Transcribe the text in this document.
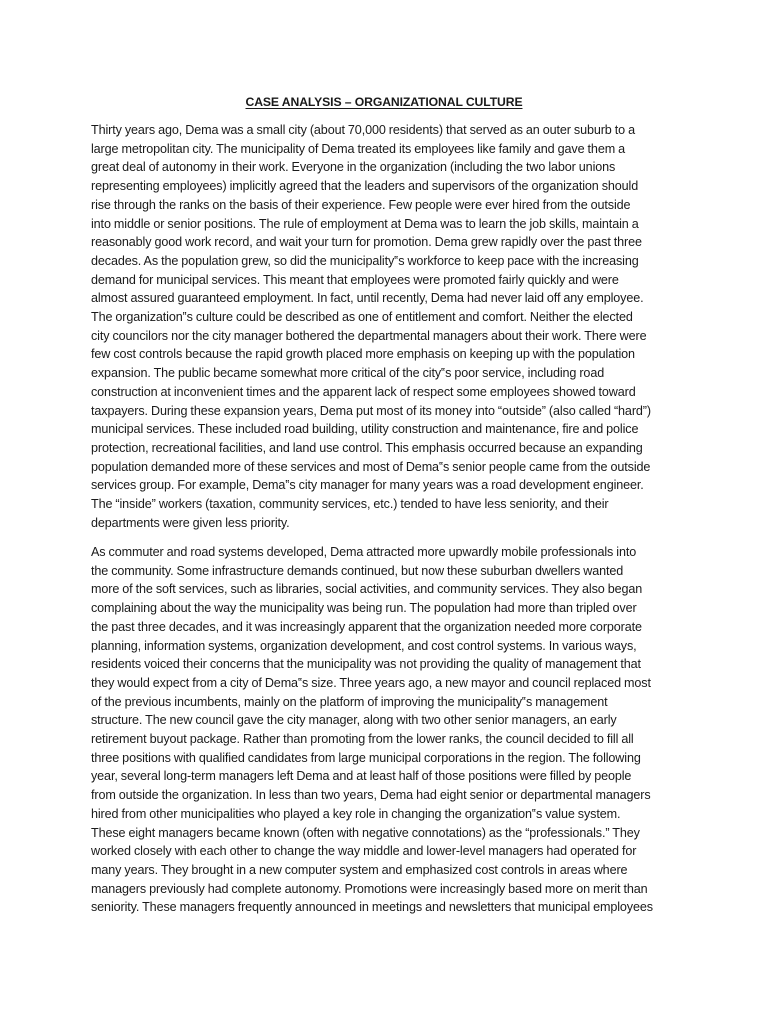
CASE ANALYSIS – ORGANIZATIONAL CULTURE

Thirty years ago, Dema was a small city (about 70,000 residents) that served as an outer suburb to a
large metropolitan city. The municipality of Dema treated its employees like family and gave them a
great deal of autonomy in their work. Everyone in the organization (including the two labor unions
representing employees) implicitly agreed that the leaders and supervisors of the organization should
rise through the ranks on the basis of their experience. Few people were ever hired from the outside
into middle or senior positions. The rule of employment at Dema was to learn the job skills, maintain a
reasonably good work record, and wait your turn for promotion. Dema grew rapidly over the past three
decades. As the population grew, so did the municipality‟s workforce to keep pace with the increasing
demand for municipal services. This meant that employees were promoted fairly quickly and were
almost assured guaranteed employment. In fact, until recently, Dema had never laid off any employee.
The organization‟s culture could be described as one of entitlement and comfort. Neither the elected
city councilors nor the city manager bothered the departmental managers about their work. There were
few cost controls because the rapid growth placed more emphasis on keeping up with the population
expansion. The public became somewhat more critical of the city‟s poor service, including road
construction at inconvenient times and the apparent lack of respect some employees showed toward
taxpayers. During these expansion years, Dema put most of its money into “outside” (also called “hard”)
municipal services. These included road building, utility construction and maintenance, fire and police
protection, recreational facilities, and land use control. This emphasis occurred because an expanding
population demanded more of these services and most of Dema‟s senior people came from the outside
services group. For example, Dema‟s city manager for many years was a road development engineer.
The “inside” workers (taxation, community services, etc.) tended to have less seniority, and their
departments were given less priority.

As commuter and road systems developed, Dema attracted more upwardly mobile professionals into
the community. Some infrastructure demands continued, but now these suburban dwellers wanted
more of the soft services, such as libraries, social activities, and community services. They also began
complaining about the way the municipality was being run. The population had more than tripled over
the past three decades, and it was increasingly apparent that the organization needed more corporate
planning, information systems, organization development, and cost control systems. In various ways,
residents voiced their concerns that the municipality was not providing the quality of management that
they would expect from a city of Dema‟s size. Three years ago, a new mayor and council replaced most
of the previous incumbents, mainly on the platform of improving the municipality‟s management
structure. The new council gave the city manager, along with two other senior managers, an early
retirement buyout package. Rather than promoting from the lower ranks, the council decided to fill all
three positions with qualified candidates from large municipal corporations in the region. The following
year, several long-term managers left Dema and at least half of those positions were filled by people
from outside the organization. In less than two years, Dema had eight senior or departmental managers
hired from other municipalities who played a key role in changing the organization‟s value system.
These eight managers became known (often with negative connotations) as the “professionals.” They
worked closely with each other to change the way middle and lower-level managers had operated for
many years. They brought in a new computer system and emphasized cost controls in areas where
managers previously had complete autonomy. Promotions were increasingly based more on merit than
seniority. These managers frequently announced in meetings and newsletters that municipal employees
